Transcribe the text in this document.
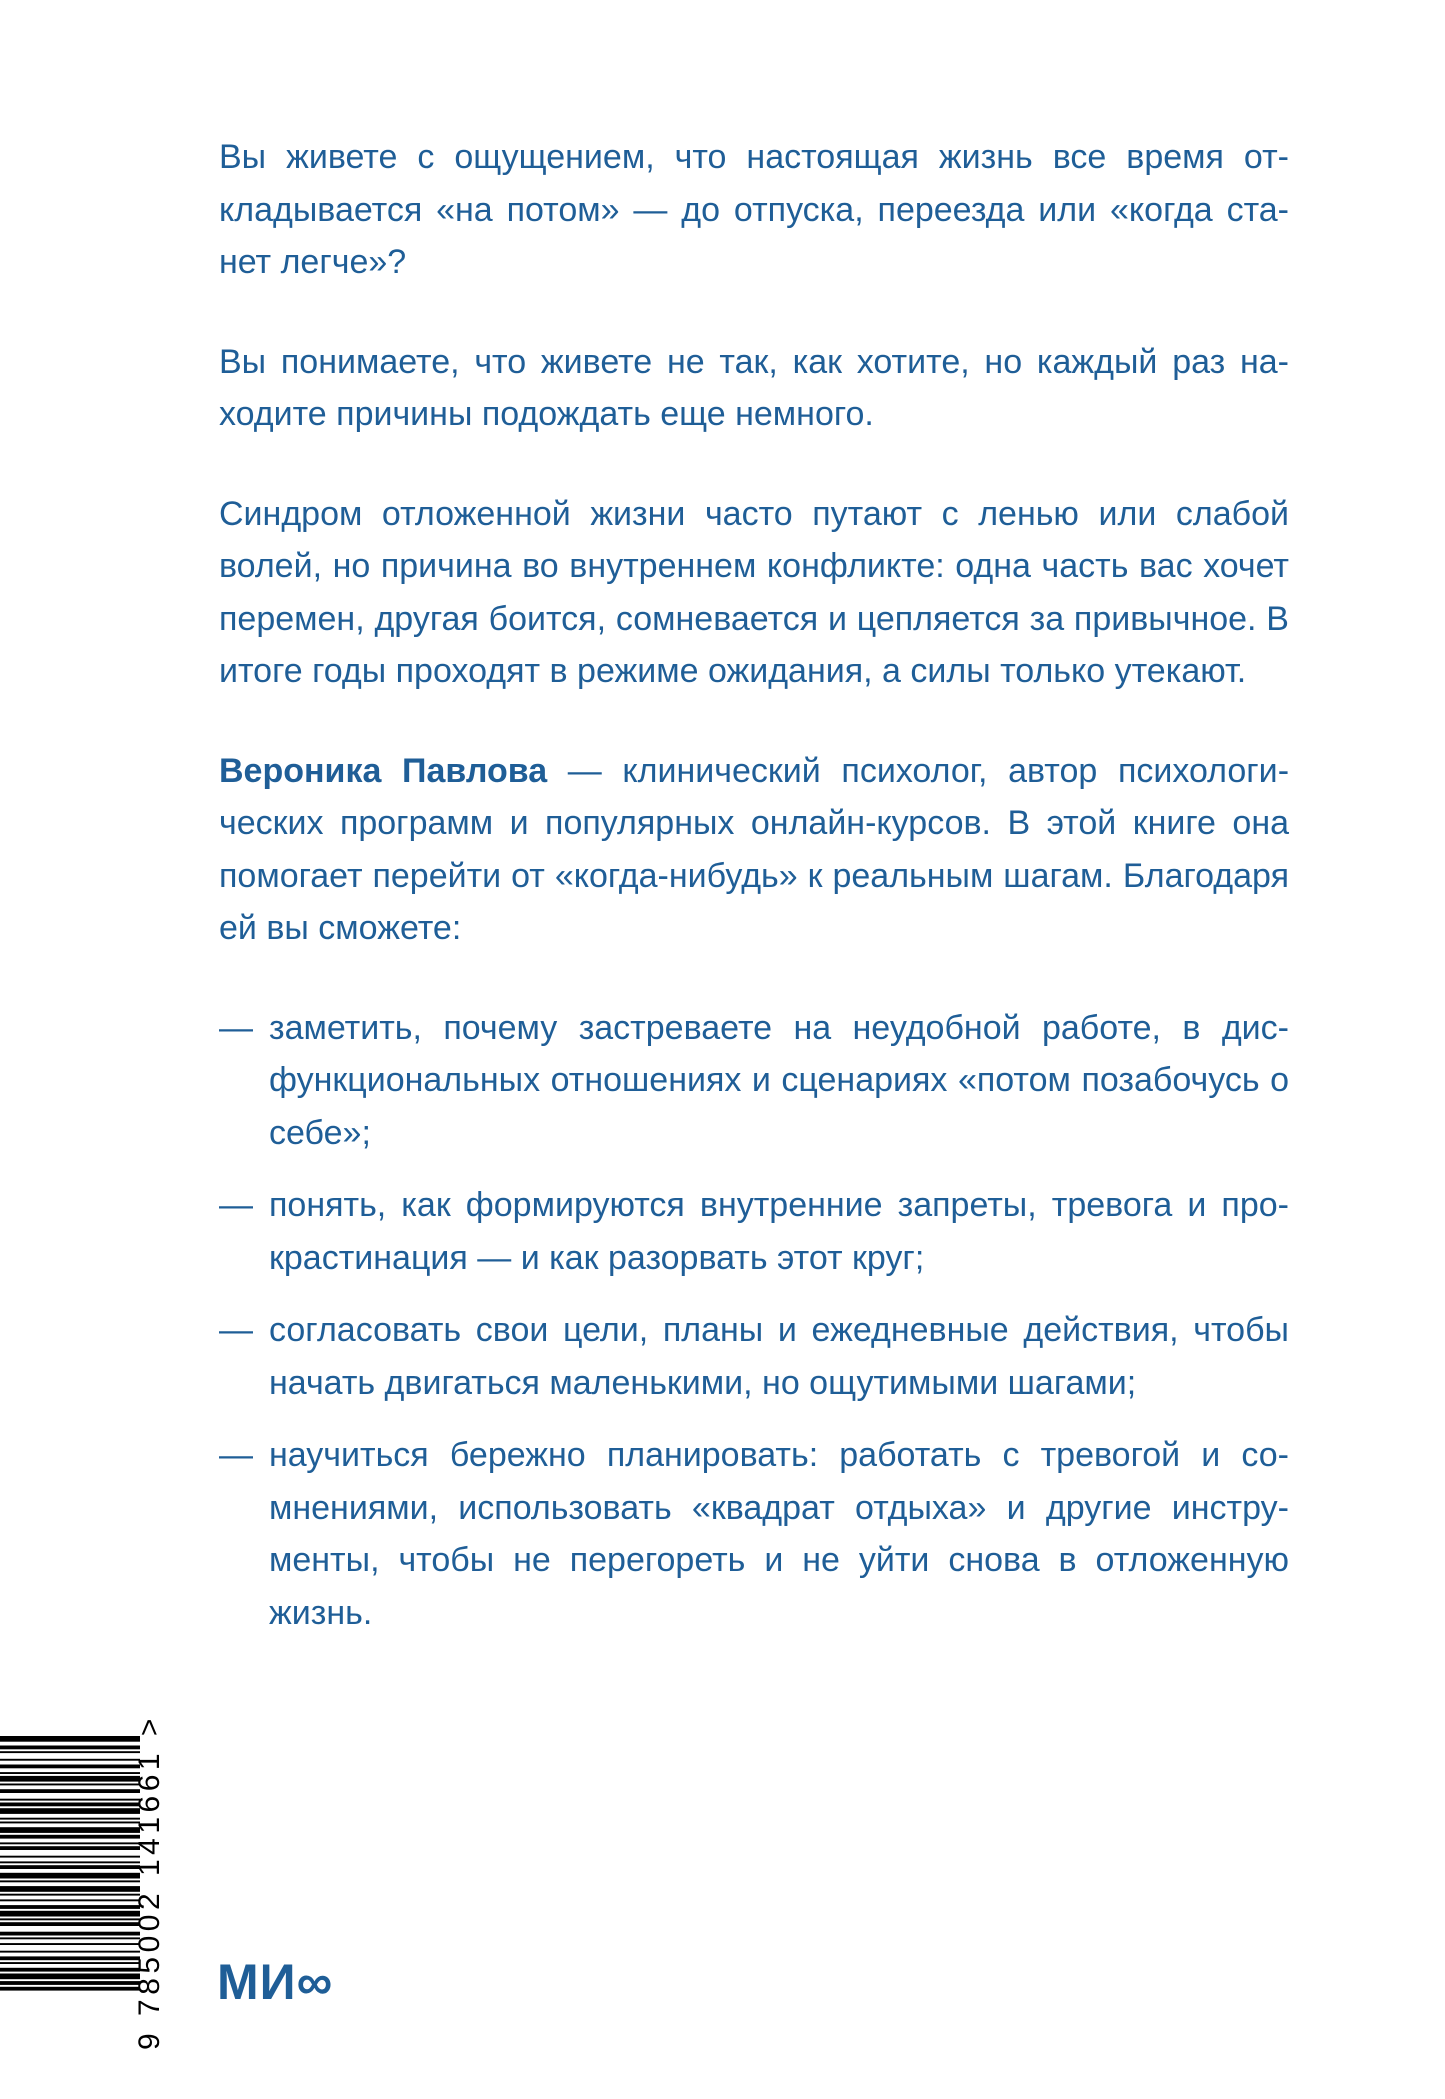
Вы живете с ощущением, что настоящая жизнь все время откладывается «на потом» — до отпуска, переезда или «когда станет легче»?

Вы понимаете, что живете не так, как хотите, но каждый раз находите причины подождать еще немного.

Синдром отложенной жизни часто путают с ленью или слабой волей, но причина во внутреннем конфликте: одна часть вас хочет перемен, другая боится, сомневается и цепляется за привычное. В итоге годы проходят в режиме ожидания, а силы только утекают.

Вероника Павлова — клинический психолог, автор психологических программ и популярных онлайн-курсов. В этой книге она помогает перейти от «когда-нибудь» к реальным шагам. Благодаря ей вы сможете:

— заметить, почему застреваете на неудобной работе, в дисфункциональных отношениях и сценариях «потом позабочусь о себе»;
— понять, как формируются внутренние запреты, тревога и прокрастинация — и как разорвать этот круг;
— согласовать свои цели, планы и ежедневные действия, чтобы начать двигаться маленькими, но ощутимыми шагами;
— научиться бережно планировать: работать с тревогой и сомнениями, использовать «квадрат отдыха» и другие инструменты, чтобы не перегореть и не уйти снова в отложенную жизнь.
9 785002 141661 > МИ∞
